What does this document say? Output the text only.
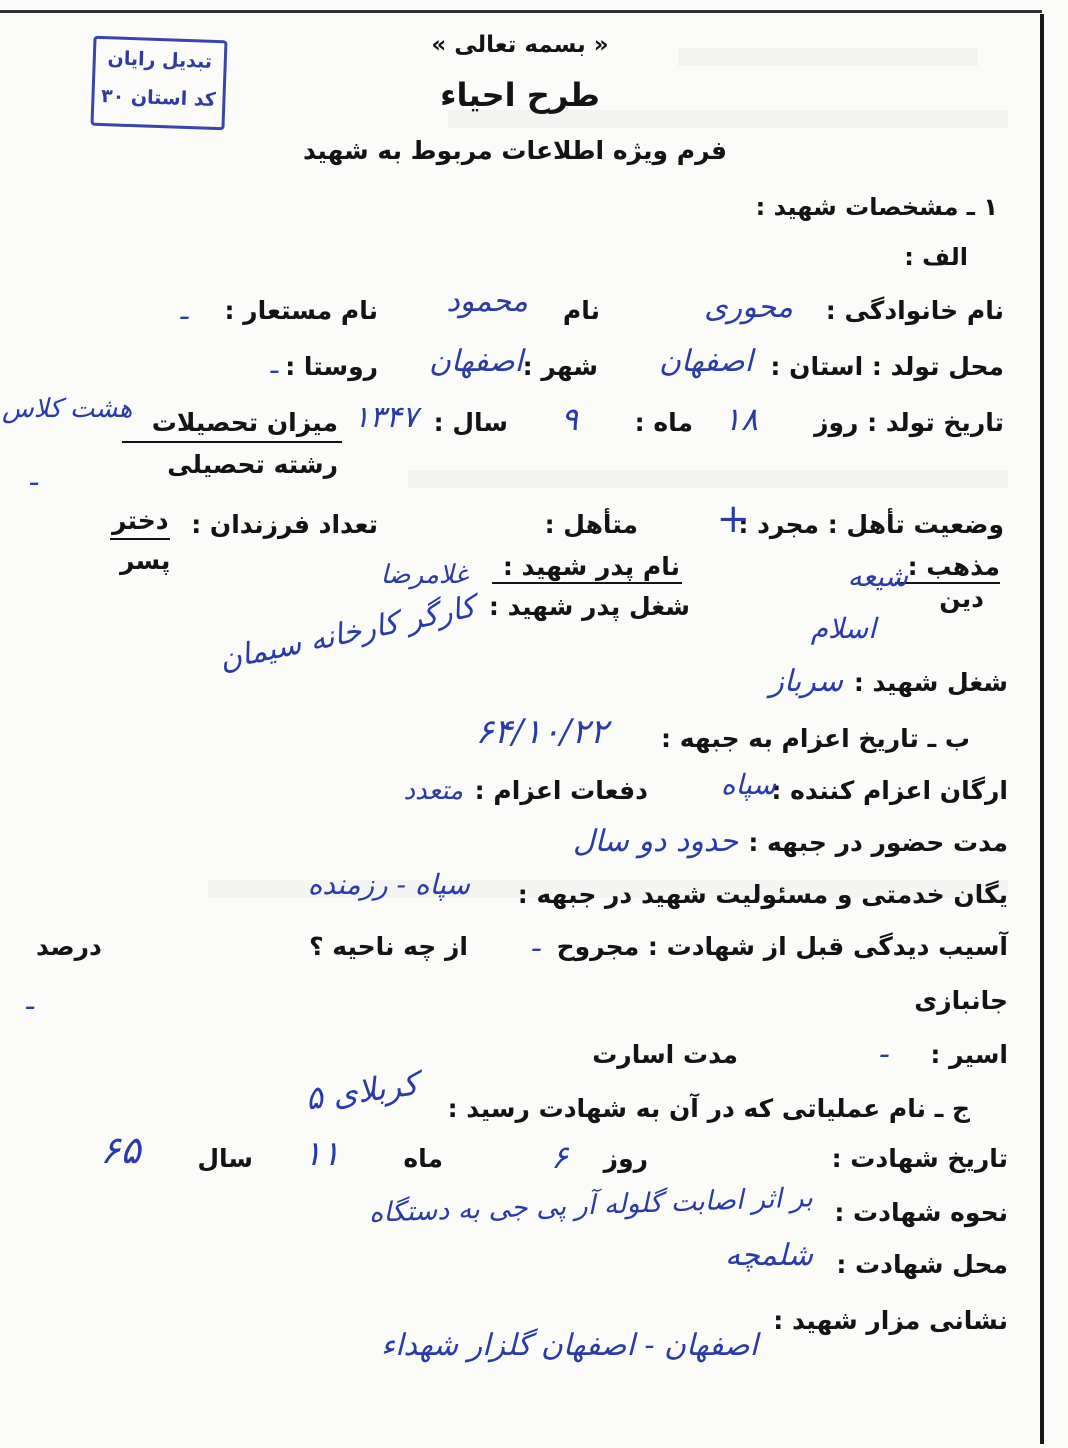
تبدیل رایان
کد استان ۳۰
« بسمه تعالی »
طرح احیاء
فرم ویژه اطلاعات مربوط به شهید
۱ ـ مشخصات شهید :
الف :
نام خانوادگی :
محوری
نام
محمود
نام مستعار :
ـ
محل تولد : استان :
اصفهان
شهر :
اصفهان
روستا :
ـ
تاریخ تولد : روز
۱۸
ماه :
۹
سال :
۱۳۴۷
میزان تحصیلات
هشت کلاس
رشته تحصیلی
ـ
وضعیت تأهل : مجرد :
+
متأهل :
تعداد فرزندان :
دختر
پسر	مذهب :
شیعه
دین
اسلام
نام پدر شهید :
غلامرضا
شغل پدر شهید :
کارگر کارخانه سیمان
شغل شهید :
سرباز
ب ـ تاریخ اعزام به جبهه :
۶۴/۱۰/۲۲
ارگان اعزام کننده :
سپاه
دفعات اعزام :
متعدد
مدت حضور در جبهه :
حدود دو سال
یگان خدمتی و مسئولیت شهید در جبهه :
سپاه - رزمنده
آسیب دیدگی قبل از شهادت : مجروح
ـ
از چه ناحیه ؟
درصد
جانبازی
ـ
اسیر :
ـ
مدت اسارت
ج ـ نام عملیاتی که در آن به شهادت رسید :
کربلای ۵
تاریخ شهادت :
روز
۶
ماه
۱۱
سال
۶۵
نحوه شهادت :
بر اثر اصابت گلوله آر پی جی به دستگاه
محل شهادت :
شلمچه
نشانی مزار شهید :
اصفهان - اصفهان گلزار شهداء
